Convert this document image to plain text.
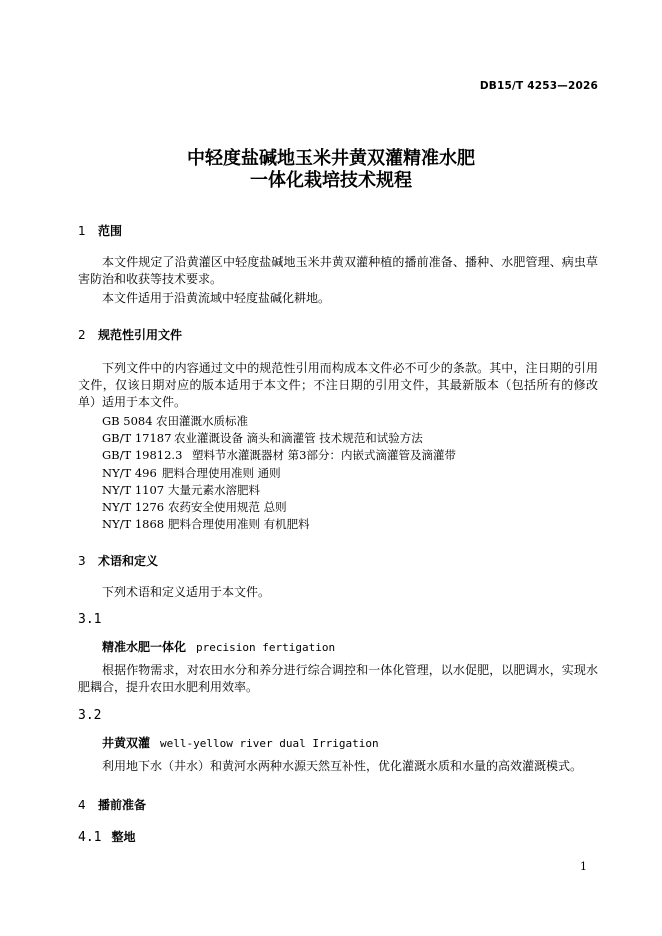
DB15/T 4253—2026
中轻度盐碱地玉米井黄双灌精准水肥
一体化栽培技术规程
1 范围
本文件规定了沿黄灌区中轻度盐碱地玉米井黄双灌种植的播前准备、播种、水肥管理、病虫草害防治和收获等技术要求。
本文件适用于沿黄流域中轻度盐碱化耕地。
2 规范性引用文件
下列文件中的内容通过文中的规范性引用而构成本文件必不可少的条款。其中，注日期的引用文件，仅该日期对应的版本适用于本文件；不注日期的引用文件，其最新版本（包括所有的修改单）适用于本文件。
GB 5084 农田灌溉水质标准
GB/T 17187 农业灌溉设备 滴头和滴灌管 技术规范和试验方法
GB/T 19812.3 塑料节水灌溉器材 第3部分：内嵌式滴灌管及滴灌带
NY/T 496 肥料合理使用准则 通则
NY/T 1107 大量元素水溶肥料
NY/T 1276 农药安全使用规范 总则
NY/T 1868 肥料合理使用准则 有机肥料
3 术语和定义
下列术语和定义适用于本文件。
3.1
精准水肥一体化 precision fertigation
根据作物需求，对农田水分和养分进行综合调控和一体化管理，以水促肥，以肥调水，实现水肥耦合，提升农田水肥利用效率。
3.2
井黄双灌 well-yellow river dual Irrigation
利用地下水（井水）和黄河水两种水源天然互补性，优化灌溉水质和水量的高效灌溉模式。
4 播前准备
4.1 整地
1
